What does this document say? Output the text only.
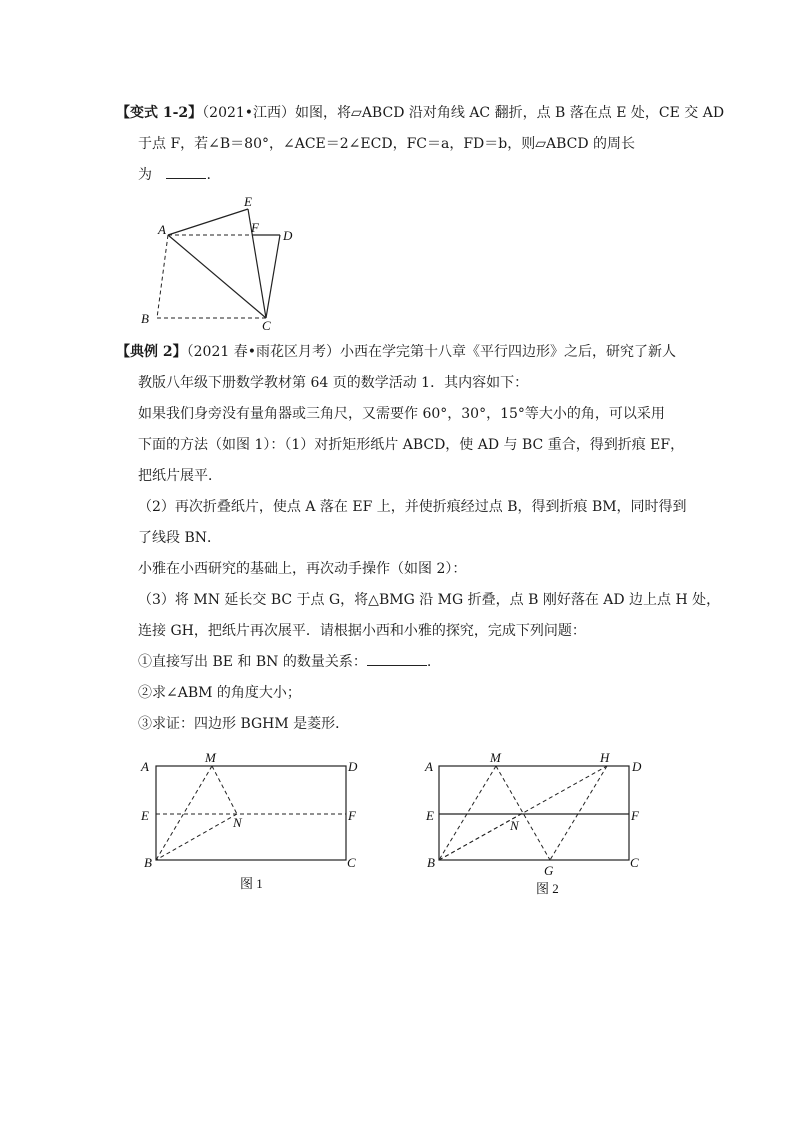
【变式 1-2】（2021•江西）如图，将▱ABCD 沿对角线 AC 翻折，点 B 落在点 E 处，CE 交 AD
于点 F，若∠B＝80°，∠ACE＝2∠ECD，FC＝a，FD＝b，则▱ABCD 的周长
为	.
A
E
F
D
B	C
【典例 2】（2021 春•雨花区月考）小西在学完第十八章《平行四边形》之后，研究了新人
教版八年级下册数学教材第 64 页的数学活动 1．其内容如下：
如果我们身旁没有量角器或三角尺，又需要作 60°，30°，15°等大小的角，可以采用
下面的方法（如图 1）：（1）对折矩形纸片 ABCD，使 AD 与 BC 重合，得到折痕 EF，
把纸片展平．
（2）再次折叠纸片，使点 A 落在 EF 上，并使折痕经过点 B，得到折痕 BM，同时得到
了线段 BN．
小雅在小西研究的基础上，再次动手操作（如图 2）：
（3）将 MN 延长交 BC 于点 G，将△BMG 沿 MG 折叠，点 B 刚好落在 AD 边上点 H 处，
连接 GH，把纸片再次展平．请根据小西和小雅的探究，完成下列问题：
①直接写出 BE 和 BN 的数量关系：	.
②求∠ABM 的角度大小；
③求证：四边形 BGHM 是菱形．
A
M
D
E	N	F
B	C
图 1
A
M	H
D
E
N
F
B
G
C
图 2
